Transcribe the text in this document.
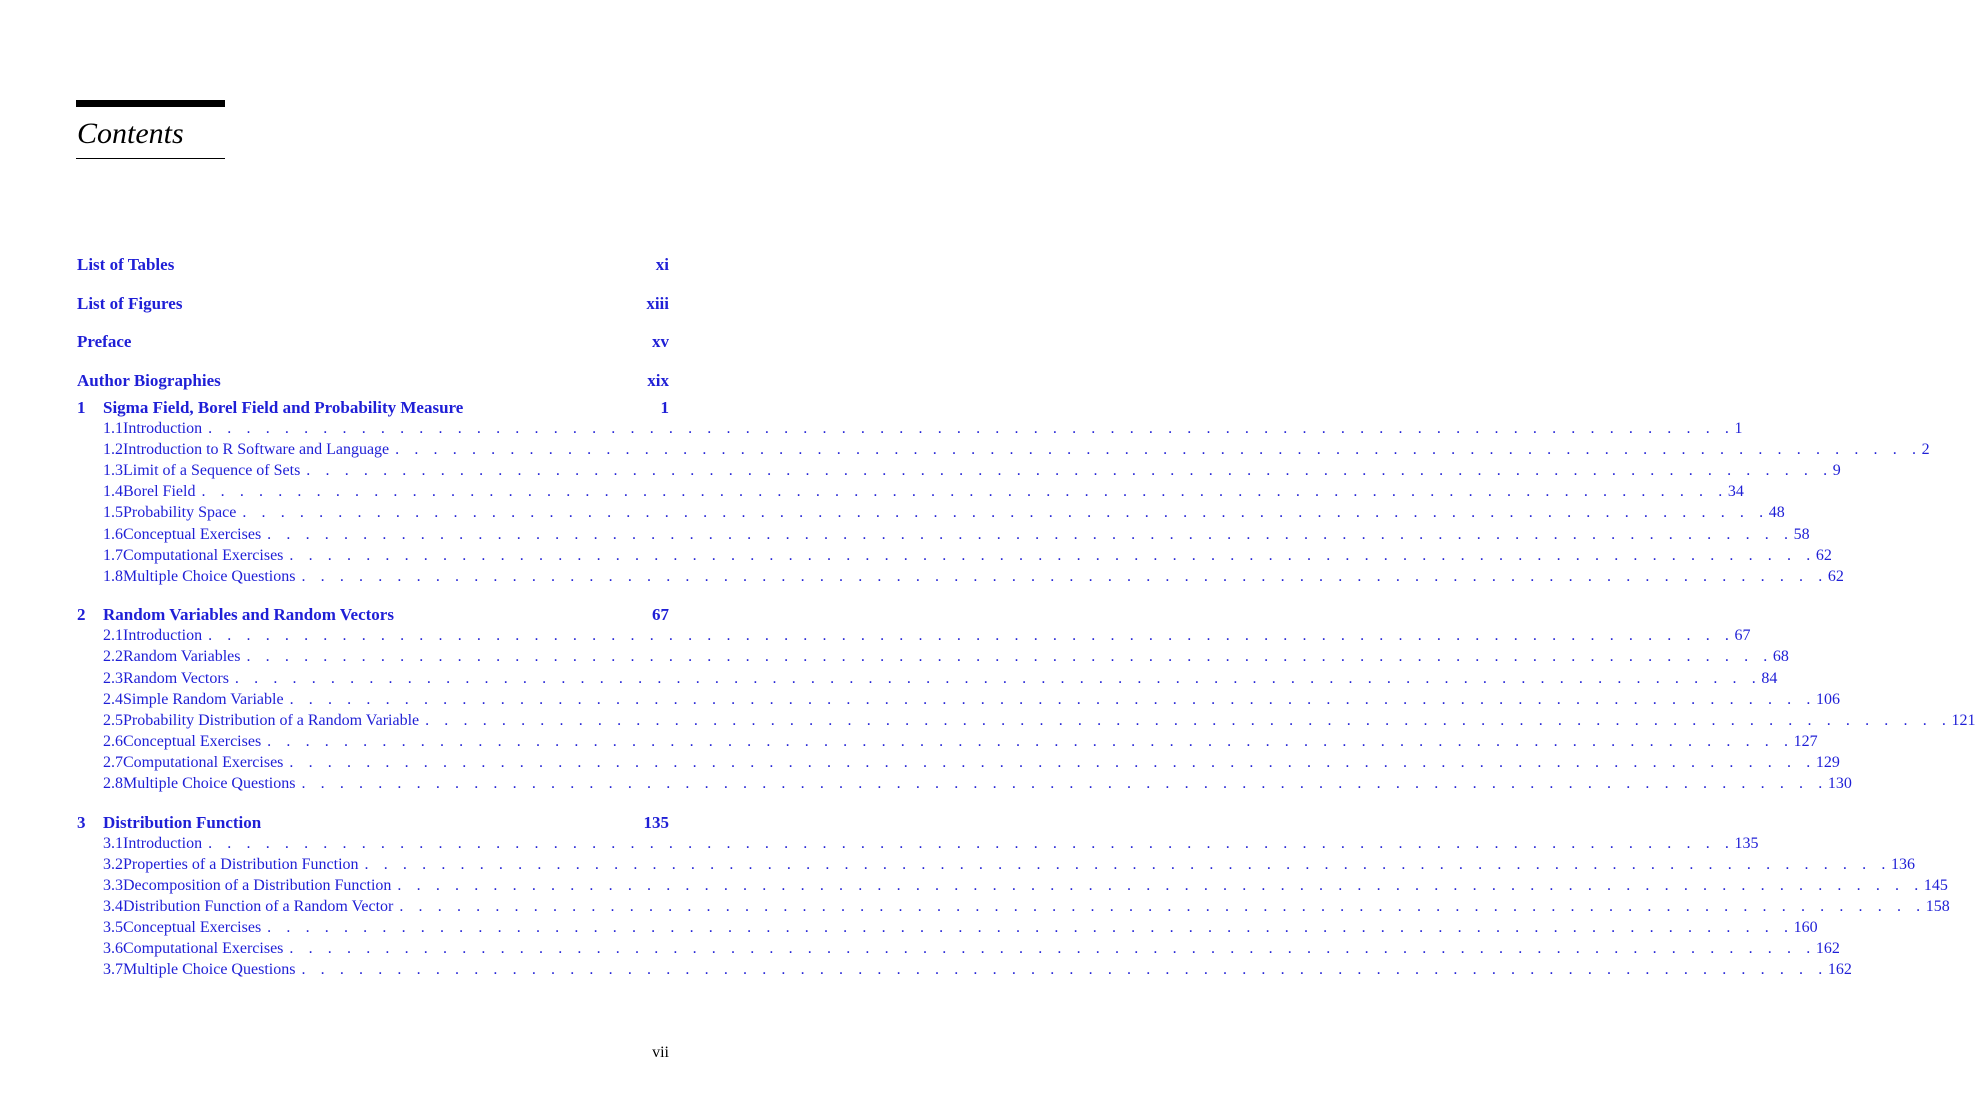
Contents
List of Tables	xi
List of Figures	xiii
Preface	xv
Author Biographies	xix
1	Sigma Field, Borel Field and Probability Measure	1
1.1 Introduction . . . . . . . . . . . . . . . . . . . . . . . . . . . . . . . . . . . . . . . . . . . . . . . . . . . . . . . . . . . . . . . . . . . . . . . . . . . . . . . . 1
1.2 Introduction to R Software and Language . . . . . . . . . . . . . . . . . . . . . . . . . . . . . . . . . . . . . . . . . . . . . . . . . . . . . . . . . . . . . . . . . . . . . . . . . . . . . . . . 2
1.3 Limit of a Sequence of Sets . . . . . . . . . . . . . . . . . . . . . . . . . . . . . . . . . . . . . . . . . . . . . . . . . . . . . . . . . . . . . . . . . . . . . . . . . . . . . . . . 9
1.4 Borel Field . . . . . . . . . . . . . . . . . . . . . . . . . . . . . . . . . . . . . . . . . . . . . . . . . . . . . . . . . . . . . . . . . . . . . . . . . . . . . . . . 34
1.5 Probability Space . . . . . . . . . . . . . . . . . . . . . . . . . . . . . . . . . . . . . . . . . . . . . . . . . . . . . . . . . . . . . . . . . . . . . . . . . . . . . . . . 48
1.6 Conceptual Exercises . . . . . . . . . . . . . . . . . . . . . . . . . . . . . . . . . . . . . . . . . . . . . . . . . . . . . . . . . . . . . . . . . . . . . . . . . . . . . . . . 58
1.7 Computational Exercises . . . . . . . . . . . . . . . . . . . . . . . . . . . . . . . . . . . . . . . . . . . . . . . . . . . . . . . . . . . . . . . . . . . . . . . . . . . . . . . . 62
1.8 Multiple Choice Questions . . . . . . . . . . . . . . . . . . . . . . . . . . . . . . . . . . . . . . . . . . . . . . . . . . . . . . . . . . . . . . . . . . . . . . . . . . . . . . . . 62
2	Random Variables and Random Vectors	67
2.1 Introduction . . . . . . . . . . . . . . . . . . . . . . . . . . . . . . . . . . . . . . . . . . . . . . . . . . . . . . . . . . . . . . . . . . . . . . . . . . . . . . . . 67
2.2 Random Variables . . . . . . . . . . . . . . . . . . . . . . . . . . . . . . . . . . . . . . . . . . . . . . . . . . . . . . . . . . . . . . . . . . . . . . . . . . . . . . . . 68
2.3 Random Vectors . . . . . . . . . . . . . . . . . . . . . . . . . . . . . . . . . . . . . . . . . . . . . . . . . . . . . . . . . . . . . . . . . . . . . . . . . . . . . . . . 84
2.4 Simple Random Variable . . . . . . . . . . . . . . . . . . . . . . . . . . . . . . . . . . . . . . . . . . . . . . . . . . . . . . . . . . . . . . . . . . . . . . . . . . . . . . . . 106
2.5 Probability Distribution of a Random Variable . . . . . . . . . . . . . . . . . . . . . . . . . . . . . . . . . . . . . . . . . . . . . . . . . . . . . . . . . . . . . . . . . . . . . . . . . . . . . . . . 121
2.6 Conceptual Exercises . . . . . . . . . . . . . . . . . . . . . . . . . . . . . . . . . . . . . . . . . . . . . . . . . . . . . . . . . . . . . . . . . . . . . . . . . . . . . . . . 127
2.7 Computational Exercises . . . . . . . . . . . . . . . . . . . . . . . . . . . . . . . . . . . . . . . . . . . . . . . . . . . . . . . . . . . . . . . . . . . . . . . . . . . . . . . . 129
2.8 Multiple Choice Questions . . . . . . . . . . . . . . . . . . . . . . . . . . . . . . . . . . . . . . . . . . . . . . . . . . . . . . . . . . . . . . . . . . . . . . . . . . . . . . . . 130
3	Distribution Function	135
3.1 Introduction . . . . . . . . . . . . . . . . . . . . . . . . . . . . . . . . . . . . . . . . . . . . . . . . . . . . . . . . . . . . . . . . . . . . . . . . . . . . . . . . 135
3.2 Properties of a Distribution Function . . . . . . . . . . . . . . . . . . . . . . . . . . . . . . . . . . . . . . . . . . . . . . . . . . . . . . . . . . . . . . . . . . . . . . . . . . . . . . . . 136
3.3 Decomposition of a Distribution Function . . . . . . . . . . . . . . . . . . . . . . . . . . . . . . . . . . . . . . . . . . . . . . . . . . . . . . . . . . . . . . . . . . . . . . . . . . . . . . . . 145
3.4 Distribution Function of a Random Vector . . . . . . . . . . . . . . . . . . . . . . . . . . . . . . . . . . . . . . . . . . . . . . . . . . . . . . . . . . . . . . . . . . . . . . . . . . . . . . . . 158
3.5 Conceptual Exercises . . . . . . . . . . . . . . . . . . . . . . . . . . . . . . . . . . . . . . . . . . . . . . . . . . . . . . . . . . . . . . . . . . . . . . . . . . . . . . . . 160
3.6 Computational Exercises . . . . . . . . . . . . . . . . . . . . . . . . . . . . . . . . . . . . . . . . . . . . . . . . . . . . . . . . . . . . . . . . . . . . . . . . . . . . . . . . 162
3.7 Multiple Choice Questions . . . . . . . . . . . . . . . . . . . . . . . . . . . . . . . . . . . . . . . . . . . . . . . . . . . . . . . . . . . . . . . . . . . . . . . . . . . . . . . . 162
vii
